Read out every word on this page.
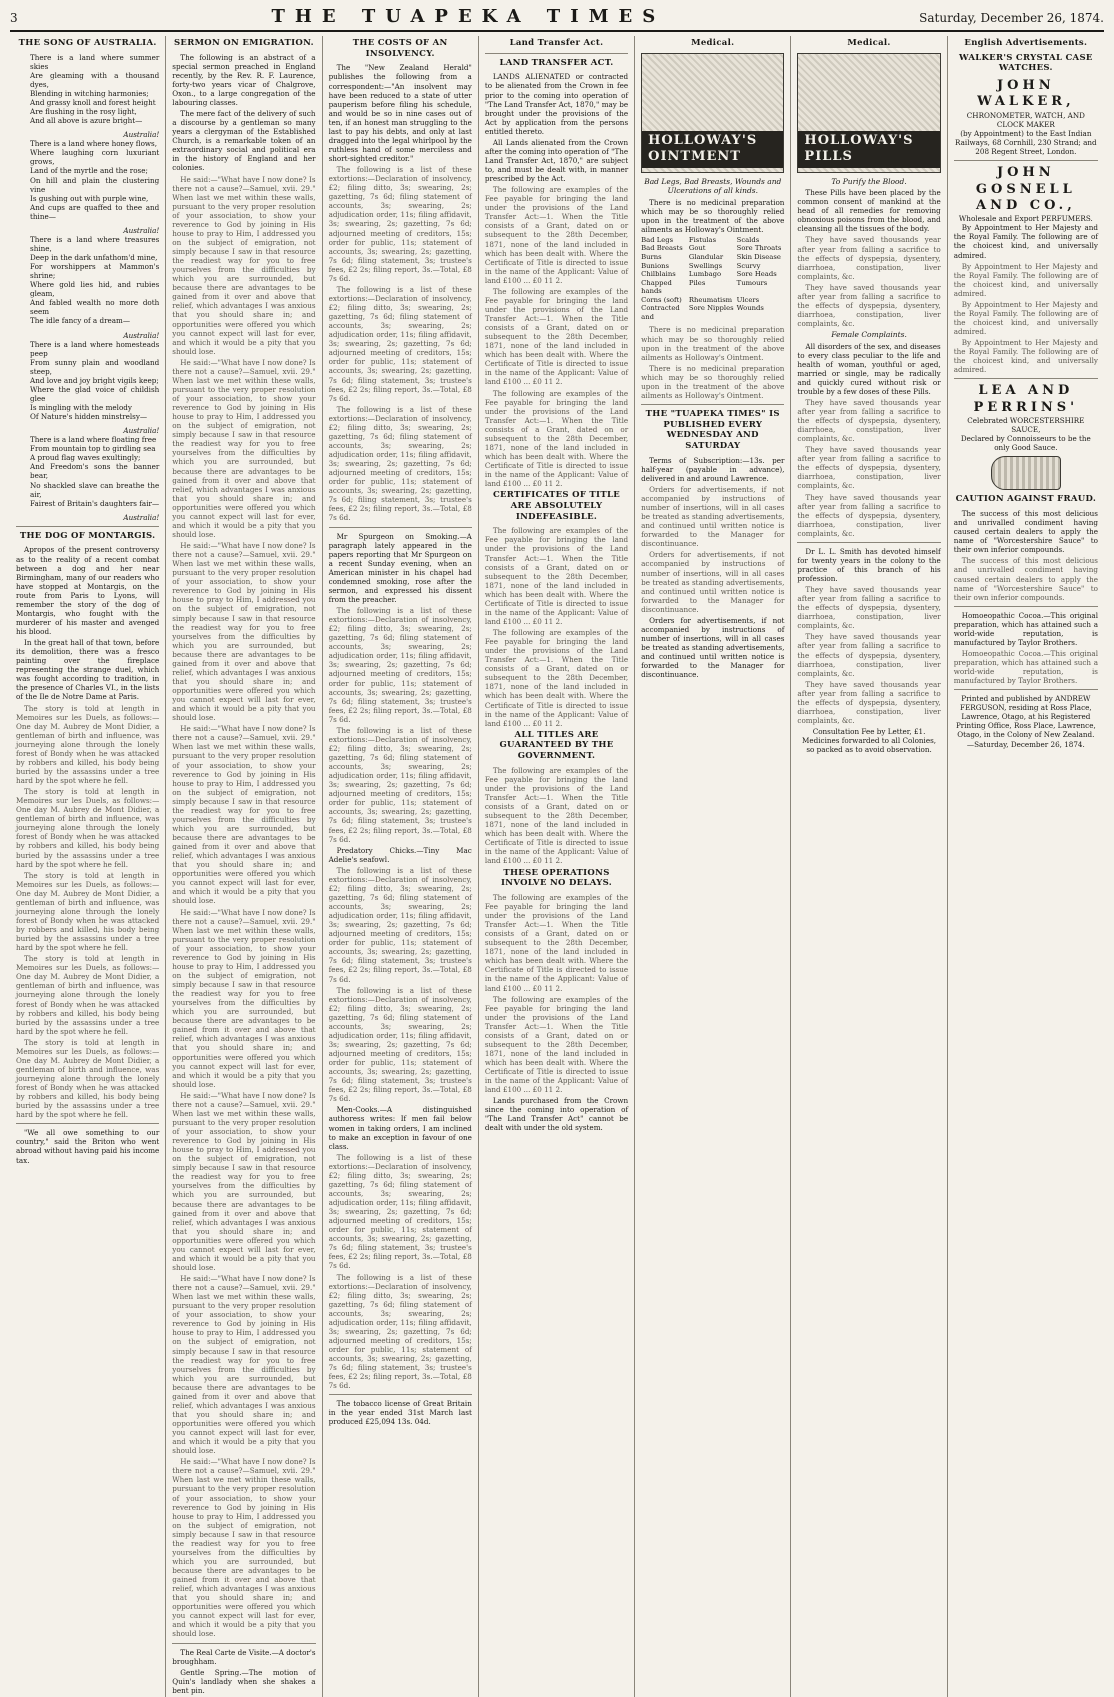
3	THE TUAPEKA TIMES	Saturday, December 26, 1874.
THE SONG OF AUSTRALIA.
There is a land where summer skies
Are gleaming with a thousand dyes,
Blending in witching harmonies;
And grassy knoll and forest height
Are flushing in the rosy light,
And all above is azure bright—
Australia!
There is a land where honey flows,
Where laughing corn luxuriant grows,
Land of the myrtle and the rose;
On hill and plain the clustering vine
Is gushing out with purple wine,
And cups are quaffed to thee and thine—
Australia!
There is a land where treasures shine,
Deep in the dark unfathom'd mine,
For worshippers at Mammon's shrine;
Where gold lies hid, and rubies gleam,
And fabled wealth no more doth seem
The idle fancy of a dream—
Australia!
There is a land where homesteads peep
From sunny plain and woodland steep,
And love and joy bright vigils keep;
Where the glad voice of childish glee
Is mingling with the melody
Of Nature's hidden minstrelsy—
Australia!
There is a land where floating free
From mountain top to girdling sea
A proud flag waves exultingly;
And Freedom's sons the banner bear,
No shackled slave can breathe the air,
Fairest of Britain's daughters fair—
Australia!
THE DOG OF MONTARGIS.

Apropos of the present controversy as to the reality of a recent combat between a dog and her near Birmingham, many of our readers who have stopped at Montargis, on the route from Paris to Lyons, will remember the story of the dog of Montargis, who fought with the murderer of his master and avenged his blood.

In the great hall of that town, before its demolition, there was a fresco painting over the fireplace representing the strange duel, which was fought according to tradition, in the presence of Charles VI., in the lists of the Ile de Notre Dame at Paris.

The story is told at length in Memoires sur les Duels, as follows:—One day M. Aubrey de Mont Didier, a gentleman of birth and influence, was journeying alone through the lonely forest of Bondy when he was attacked by robbers and killed, his body being buried by the assassins under a tree hard by the spot where he fell.

The story is told at length in Memoires sur les Duels, as follows:—One day M. Aubrey de Mont Didier, a gentleman of birth and influence, was journeying alone through the lonely forest of Bondy when he was attacked by robbers and killed, his body being buried by the assassins under a tree hard by the spot where he fell.

The story is told at length in Memoires sur les Duels, as follows:—One day M. Aubrey de Mont Didier, a gentleman of birth and influence, was journeying alone through the lonely forest of Bondy when he was attacked by robbers and killed, his body being buried by the assassins under a tree hard by the spot where he fell.

The story is told at length in Memoires sur les Duels, as follows:—One day M. Aubrey de Mont Didier, a gentleman of birth and influence, was journeying alone through the lonely forest of Bondy when he was attacked by robbers and killed, his body being buried by the assassins under a tree hard by the spot where he fell.

The story is told at length in Memoires sur les Duels, as follows:—One day M. Aubrey de Mont Didier, a gentleman of birth and influence, was journeying alone through the lonely forest of Bondy when he was attacked by robbers and killed, his body being buried by the assassins under a tree hard by the spot where he fell.

"We all owe something to our country," said the Briton who went abroad without having paid his income tax.

SERMON ON EMIGRATION.

The following is an abstract of a special sermon preached in England recently, by the Rev. R. F. Laurence, forty-two years vicar of Chalgrove, Oxon., to a large congregation of the labouring classes.

The mere fact of the delivery of such a discourse by a gentleman so many years a clergyman of the Established Church, is a remarkable token of an extraordinary social and political era in the history of England and her colonies.

He said:—"What have I now done? Is there not a cause?—Samuel, xvii. 29." When last we met within these walls, pursuant to the very proper resolution of your association, to show your reverence to God by joining in His house to pray to Him, I addressed you on the subject of emigration, not simply because I saw in that resource the readiest way for you to free yourselves from the difficulties by which you are surrounded, but because there are advantages to be gained from it over and above that relief, which advantages I was anxious that you should share in; and opportunities were offered you which you cannot expect will last for ever, and which it would be a pity that you should lose.

He said:—"What have I now done? Is there not a cause?—Samuel, xvii. 29." When last we met within these walls, pursuant to the very proper resolution of your association, to show your reverence to God by joining in His house to pray to Him, I addressed you on the subject of emigration, not simply because I saw in that resource the readiest way for you to free yourselves from the difficulties by which you are surrounded, but because there are advantages to be gained from it over and above that relief, which advantages I was anxious that you should share in; and opportunities were offered you which you cannot expect will last for ever, and which it would be a pity that you should lose.

He said:—"What have I now done? Is there not a cause?—Samuel, xvii. 29." When last we met within these walls, pursuant to the very proper resolution of your association, to show your reverence to God by joining in His house to pray to Him, I addressed you on the subject of emigration, not simply because I saw in that resource the readiest way for you to free yourselves from the difficulties by which you are surrounded, but because there are advantages to be gained from it over and above that relief, which advantages I was anxious that you should share in; and opportunities were offered you which you cannot expect will last for ever, and which it would be a pity that you should lose.

He said:—"What have I now done? Is there not a cause?—Samuel, xvii. 29." When last we met within these walls, pursuant to the very proper resolution of your association, to show your reverence to God by joining in His house to pray to Him, I addressed you on the subject of emigration, not simply because I saw in that resource the readiest way for you to free yourselves from the difficulties by which you are surrounded, but because there are advantages to be gained from it over and above that relief, which advantages I was anxious that you should share in; and opportunities were offered you which you cannot expect will last for ever, and which it would be a pity that you should lose.

He said:—"What have I now done? Is there not a cause?—Samuel, xvii. 29." When last we met within these walls, pursuant to the very proper resolution of your association, to show your reverence to God by joining in His house to pray to Him, I addressed you on the subject of emigration, not simply because I saw in that resource the readiest way for you to free yourselves from the difficulties by which you are surrounded, but because there are advantages to be gained from it over and above that relief, which advantages I was anxious that you should share in; and opportunities were offered you which you cannot expect will last for ever, and which it would be a pity that you should lose.

He said:—"What have I now done? Is there not a cause?—Samuel, xvii. 29." When last we met within these walls, pursuant to the very proper resolution of your association, to show your reverence to God by joining in His house to pray to Him, I addressed you on the subject of emigration, not simply because I saw in that resource the readiest way for you to free yourselves from the difficulties by which you are surrounded, but because there are advantages to be gained from it over and above that relief, which advantages I was anxious that you should share in; and opportunities were offered you which you cannot expect will last for ever, and which it would be a pity that you should lose.

He said:—"What have I now done? Is there not a cause?—Samuel, xvii. 29." When last we met within these walls, pursuant to the very proper resolution of your association, to show your reverence to God by joining in His house to pray to Him, I addressed you on the subject of emigration, not simply because I saw in that resource the readiest way for you to free yourselves from the difficulties by which you are surrounded, but because there are advantages to be gained from it over and above that relief, which advantages I was anxious that you should share in; and opportunities were offered you which you cannot expect will last for ever, and which it would be a pity that you should lose.

He said:—"What have I now done? Is there not a cause?—Samuel, xvii. 29." When last we met within these walls, pursuant to the very proper resolution of your association, to show your reverence to God by joining in His house to pray to Him, I addressed you on the subject of emigration, not simply because I saw in that resource the readiest way for you to free yourselves from the difficulties by which you are surrounded, but because there are advantages to be gained from it over and above that relief, which advantages I was anxious that you should share in; and opportunities were offered you which you cannot expect will last for ever, and which it would be a pity that you should lose.

The Real Carte de Visite.—A doctor's broughham.

Gentle Spring.—The motion of Quin's landlady when she shakes a bent pin.

THE COSTS OF AN INSOLVENCY.

The "New Zealand Herald" publishes the following from a correspondent:—"An insolvent may have been reduced to a state of utter pauperism before filing his schedule, and would be so in nine cases out of ten, if an honest man struggling to the last to pay his debts, and only at last dragged into the legal whirlpool by the ruthless hand of some merciless and short-sighted creditor."

The following is a list of these extortions:—Declaration of insolvency, £2; filing ditto, 3s; swearing, 2s; gazetting, 7s 6d; filing statement of accounts, 3s; swearing, 2s; adjudication order, 11s; filing affidavit, 3s; swearing, 2s; gazetting, 7s 6d; adjourned meeting of creditors, 15s; order for public, 11s; statement of accounts, 3s; swearing, 2s; gazetting, 7s 6d; filing statement, 3s; trustee's fees, £2 2s; filing report, 3s.—Total, £8 7s 6d.

The following is a list of these extortions:—Declaration of insolvency, £2; filing ditto, 3s; swearing, 2s; gazetting, 7s 6d; filing statement of accounts, 3s; swearing, 2s; adjudication order, 11s; filing affidavit, 3s; swearing, 2s; gazetting, 7s 6d; adjourned meeting of creditors, 15s; order for public, 11s; statement of accounts, 3s; swearing, 2s; gazetting, 7s 6d; filing statement, 3s; trustee's fees, £2 2s; filing report, 3s.—Total, £8 7s 6d.

The following is a list of these extortions:—Declaration of insolvency, £2; filing ditto, 3s; swearing, 2s; gazetting, 7s 6d; filing statement of accounts, 3s; swearing, 2s; adjudication order, 11s; filing affidavit, 3s; swearing, 2s; gazetting, 7s 6d; adjourned meeting of creditors, 15s; order for public, 11s; statement of accounts, 3s; swearing, 2s; gazetting, 7s 6d; filing statement, 3s; trustee's fees, £2 2s; filing report, 3s.—Total, £8 7s 6d.

Mr Spurgeon on Smoking.—A paragraph lately appeared in the papers reporting that Mr Spurgeon on a recent Sunday evening, when an American minister in his chapel had condemned smoking, rose after the sermon, and expressed his dissent from the preacher.

The following is a list of these extortions:—Declaration of insolvency, £2; filing ditto, 3s; swearing, 2s; gazetting, 7s 6d; filing statement of accounts, 3s; swearing, 2s; adjudication order, 11s; filing affidavit, 3s; swearing, 2s; gazetting, 7s 6d; adjourned meeting of creditors, 15s; order for public, 11s; statement of accounts, 3s; swearing, 2s; gazetting, 7s 6d; filing statement, 3s; trustee's fees, £2 2s; filing report, 3s.—Total, £8 7s 6d.

The following is a list of these extortions:—Declaration of insolvency, £2; filing ditto, 3s; swearing, 2s; gazetting, 7s 6d; filing statement of accounts, 3s; swearing, 2s; adjudication order, 11s; filing affidavit, 3s; swearing, 2s; gazetting, 7s 6d; adjourned meeting of creditors, 15s; order for public, 11s; statement of accounts, 3s; swearing, 2s; gazetting, 7s 6d; filing statement, 3s; trustee's fees, £2 2s; filing report, 3s.—Total, £8 7s 6d.

Predatory Chicks.—Tiny Mac Adelie's seafowl.

The following is a list of these extortions:—Declaration of insolvency, £2; filing ditto, 3s; swearing, 2s; gazetting, 7s 6d; filing statement of accounts, 3s; swearing, 2s; adjudication order, 11s; filing affidavit, 3s; swearing, 2s; gazetting, 7s 6d; adjourned meeting of creditors, 15s; order for public, 11s; statement of accounts, 3s; swearing, 2s; gazetting, 7s 6d; filing statement, 3s; trustee's fees, £2 2s; filing report, 3s.—Total, £8 7s 6d.

The following is a list of these extortions:—Declaration of insolvency, £2; filing ditto, 3s; swearing, 2s; gazetting, 7s 6d; filing statement of accounts, 3s; swearing, 2s; adjudication order, 11s; filing affidavit, 3s; swearing, 2s; gazetting, 7s 6d; adjourned meeting of creditors, 15s; order for public, 11s; statement of accounts, 3s; swearing, 2s; gazetting, 7s 6d; filing statement, 3s; trustee's fees, £2 2s; filing report, 3s.—Total, £8 7s 6d.

Men-Cooks.—A distinguished authoress writes: If men fail below women in taking orders, I am inclined to make an exception in favour of one class.

The following is a list of these extortions:—Declaration of insolvency, £2; filing ditto, 3s; swearing, 2s; gazetting, 7s 6d; filing statement of accounts, 3s; swearing, 2s; adjudication order, 11s; filing affidavit, 3s; swearing, 2s; gazetting, 7s 6d; adjourned meeting of creditors, 15s; order for public, 11s; statement of accounts, 3s; swearing, 2s; gazetting, 7s 6d; filing statement, 3s; trustee's fees, £2 2s; filing report, 3s.—Total, £8 7s 6d.

The following is a list of these extortions:—Declaration of insolvency, £2; filing ditto, 3s; swearing, 2s; gazetting, 7s 6d; filing statement of accounts, 3s; swearing, 2s; adjudication order, 11s; filing affidavit, 3s; swearing, 2s; gazetting, 7s 6d; adjourned meeting of creditors, 15s; order for public, 11s; statement of accounts, 3s; swearing, 2s; gazetting, 7s 6d; filing statement, 3s; trustee's fees, £2 2s; filing report, 3s.—Total, £8 7s 6d.

The tobacco license of Great Britain in the year ended 31st March last produced £25,094 13s. 04d.

Land Transfer Act.
LAND TRANSFER ACT.

LANDS ALIENATED or contracted to be alienated from the Crown in fee prior to the coming into operation of "The Land Transfer Act, 1870," may be brought under the provisions of the Act by application from the persons entitled thereto.

All Lands alienated from the Crown after the coming into operation of "The Land Transfer Act, 1870," are subject to, and must be dealt with, in manner prescribed by the Act.

The following are examples of the Fee payable for bringing the land under the provisions of the Land Transfer Act:—1. When the Title consists of a Grant, dated on or subsequent to the 28th December, 1871, none of the land included in which has been dealt with. Where the Certificate of Title is directed to issue in the name of the Applicant: Value of land £100 ... £0 11 2.

The following are examples of the Fee payable for bringing the land under the provisions of the Land Transfer Act:—1. When the Title consists of a Grant, dated on or subsequent to the 28th December, 1871, none of the land included in which has been dealt with. Where the Certificate of Title is directed to issue in the name of the Applicant: Value of land £100 ... £0 11 2.

The following are examples of the Fee payable for bringing the land under the provisions of the Land Transfer Act:—1. When the Title consists of a Grant, dated on or subsequent to the 28th December, 1871, none of the land included in which has been dealt with. Where the Certificate of Title is directed to issue in the name of the Applicant: Value of land £100 ... £0 11 2.

CERTIFICATES OF TITLE ARE ABSOLUTELY INDEFEASIBLE.

The following are examples of the Fee payable for bringing the land under the provisions of the Land Transfer Act:—1. When the Title consists of a Grant, dated on or subsequent to the 28th December, 1871, none of the land included in which has been dealt with. Where the Certificate of Title is directed to issue in the name of the Applicant: Value of land £100 ... £0 11 2.

The following are examples of the Fee payable for bringing the land under the provisions of the Land Transfer Act:—1. When the Title consists of a Grant, dated on or subsequent to the 28th December, 1871, none of the land included in which has been dealt with. Where the Certificate of Title is directed to issue in the name of the Applicant: Value of land £100 ... £0 11 2.

ALL TITLES ARE GUARANTEED BY THE GOVERNMENT.

The following are examples of the Fee payable for bringing the land under the provisions of the Land Transfer Act:—1. When the Title consists of a Grant, dated on or subsequent to the 28th December, 1871, none of the land included in which has been dealt with. Where the Certificate of Title is directed to issue in the name of the Applicant: Value of land £100 ... £0 11 2.

THESE OPERATIONS INVOLVE NO DELAYS.

The following are examples of the Fee payable for bringing the land under the provisions of the Land Transfer Act:—1. When the Title consists of a Grant, dated on or subsequent to the 28th December, 1871, none of the land included in which has been dealt with. Where the Certificate of Title is directed to issue in the name of the Applicant: Value of land £100 ... £0 11 2.

The following are examples of the Fee payable for bringing the land under the provisions of the Land Transfer Act:—1. When the Title consists of a Grant, dated on or subsequent to the 28th December, 1871, none of the land included in which has been dealt with. Where the Certificate of Title is directed to issue in the name of the Applicant: Value of land £100 ... £0 11 2.

Lands purchased from the Crown since the coming into operation of "The Land Transfer Act" cannot be dealt with under the old system.

Medical.
HOLLOWAY'S OINTMENT
Bad Legs, Bad Breasts, Wounds and Ulcerations of all kinds.

There is no medicinal preparation which may be so thoroughly relied upon in the treatment of the above ailments as Holloway's Ointment.

Bad Legs	Fistulas	Scalds
Bad Breasts Gout	Sore Throats
Burns	Glandular	Skin Disease
Bunions	Swellings	Scurvy
Chilblains	Lumbago	Sore Heads
Chapped hands
Piles	Tumours
Corns (soft)	Rheumatism Ulcers
Contracted and
Sore Nipples Wounds

There is no medicinal preparation which may be so thoroughly relied upon in the treatment of the above ailments as Holloway's Ointment.

There is no medicinal preparation which may be so thoroughly relied upon in the treatment of the above ailments as Holloway's Ointment.

THE "TUAPEKA TIMES" IS PUBLISHED EVERY WEDNESDAY AND SATURDAY

Terms of Subscription:—13s. per half-year (payable in advance), delivered in and around Lawrence.

Orders for advertisements, if not accompanied by instructions of number of insertions, will in all cases be treated as standing advertisements, and continued until written notice is forwarded to the Manager for discontinuance.

Orders for advertisements, if not accompanied by instructions of number of insertions, will in all cases be treated as standing advertisements, and continued until written notice is forwarded to the Manager for discontinuance.

Orders for advertisements, if not accompanied by instructions of number of insertions, will in all cases be treated as standing advertisements, and continued until written notice is forwarded to the Manager for discontinuance.

Medical.
HOLLOWAY'S PILLS
To Purify the Blood.

These Pills have been placed by the common consent of mankind at the head of all remedies for removing obnoxious poisons from the blood, and cleansing all the tissues of the body.

They have saved thousands year after year from falling a sacrifice to the effects of dyspepsia, dysentery, diarrhoea, constipation, liver complaints, &c.

They have saved thousands year after year from falling a sacrifice to the effects of dyspepsia, dysentery, diarrhoea, constipation, liver complaints, &c.

Female Complaints.

All disorders of the sex, and diseases to every class peculiar to the life and health of woman, youthful or aged, married or single, may be radically and quickly cured without risk or trouble by a few doses of these Pills.

They have saved thousands year after year from falling a sacrifice to the effects of dyspepsia, dysentery, diarrhoea, constipation, liver complaints, &c.

They have saved thousands year after year from falling a sacrifice to the effects of dyspepsia, dysentery, diarrhoea, constipation, liver complaints, &c.

They have saved thousands year after year from falling a sacrifice to the effects of dyspepsia, dysentery, diarrhoea, constipation, liver complaints, &c.

Dr L. L. Smith has devoted himself for twenty years in the colony to the practice of this branch of his profession.

They have saved thousands year after year from falling a sacrifice to the effects of dyspepsia, dysentery, diarrhoea, constipation, liver complaints, &c.

They have saved thousands year after year from falling a sacrifice to the effects of dyspepsia, dysentery, diarrhoea, constipation, liver complaints, &c.

They have saved thousands year after year from falling a sacrifice to the effects of dyspepsia, dysentery, diarrhoea, constipation, liver complaints, &c.

Consultation Fee by Letter, £1. Medicines forwarded to all Colonies, so packed as to avoid observation.

English Advertisements.
WALKER'S CRYSTAL CASE WATCHES.
JOHN WALKER,
CHRONOMETER, WATCH, AND CLOCK MAKER

(by Appointment) to the East Indian Railways, 68 Cornhill, 230 Strand; and 208 Regent Street, London.

JOHN GOSNELL AND CO.,
Wholesale and Export PERFUMERS.

By Appointment to Her Majesty and the Royal Family. The following are of the choicest kind, and universally admired.

By Appointment to Her Majesty and the Royal Family. The following are of the choicest kind, and universally admired.

By Appointment to Her Majesty and the Royal Family. The following are of the choicest kind, and universally admired.

By Appointment to Her Majesty and the Royal Family. The following are of the choicest kind, and universally admired.

LEA AND PERRINS'
Celebrated WORCESTERSHIRE SAUCE,
Declared by Connoisseurs to be the only Good Sauce.
CAUTION AGAINST FRAUD.

The success of this most delicious and unrivalled condiment having caused certain dealers to apply the name of "Worcestershire Sauce" to their own inferior compounds.

The success of this most delicious and unrivalled condiment having caused certain dealers to apply the name of "Worcestershire Sauce" to their own inferior compounds.

Homoeopathic Cocoa.—This original preparation, which has attained such a world-wide reputation, is manufactured by Taylor Brothers.

Homoeopathic Cocoa.—This original preparation, which has attained such a world-wide reputation, is manufactured by Taylor Brothers.

Printed and published by ANDREW FERGUSON, residing at Ross Place, Lawrence, Otago, at his Registered Printing Office, Ross Place, Lawrence, Otago, in the Colony of New Zealand.—Saturday, December 26, 1874.
